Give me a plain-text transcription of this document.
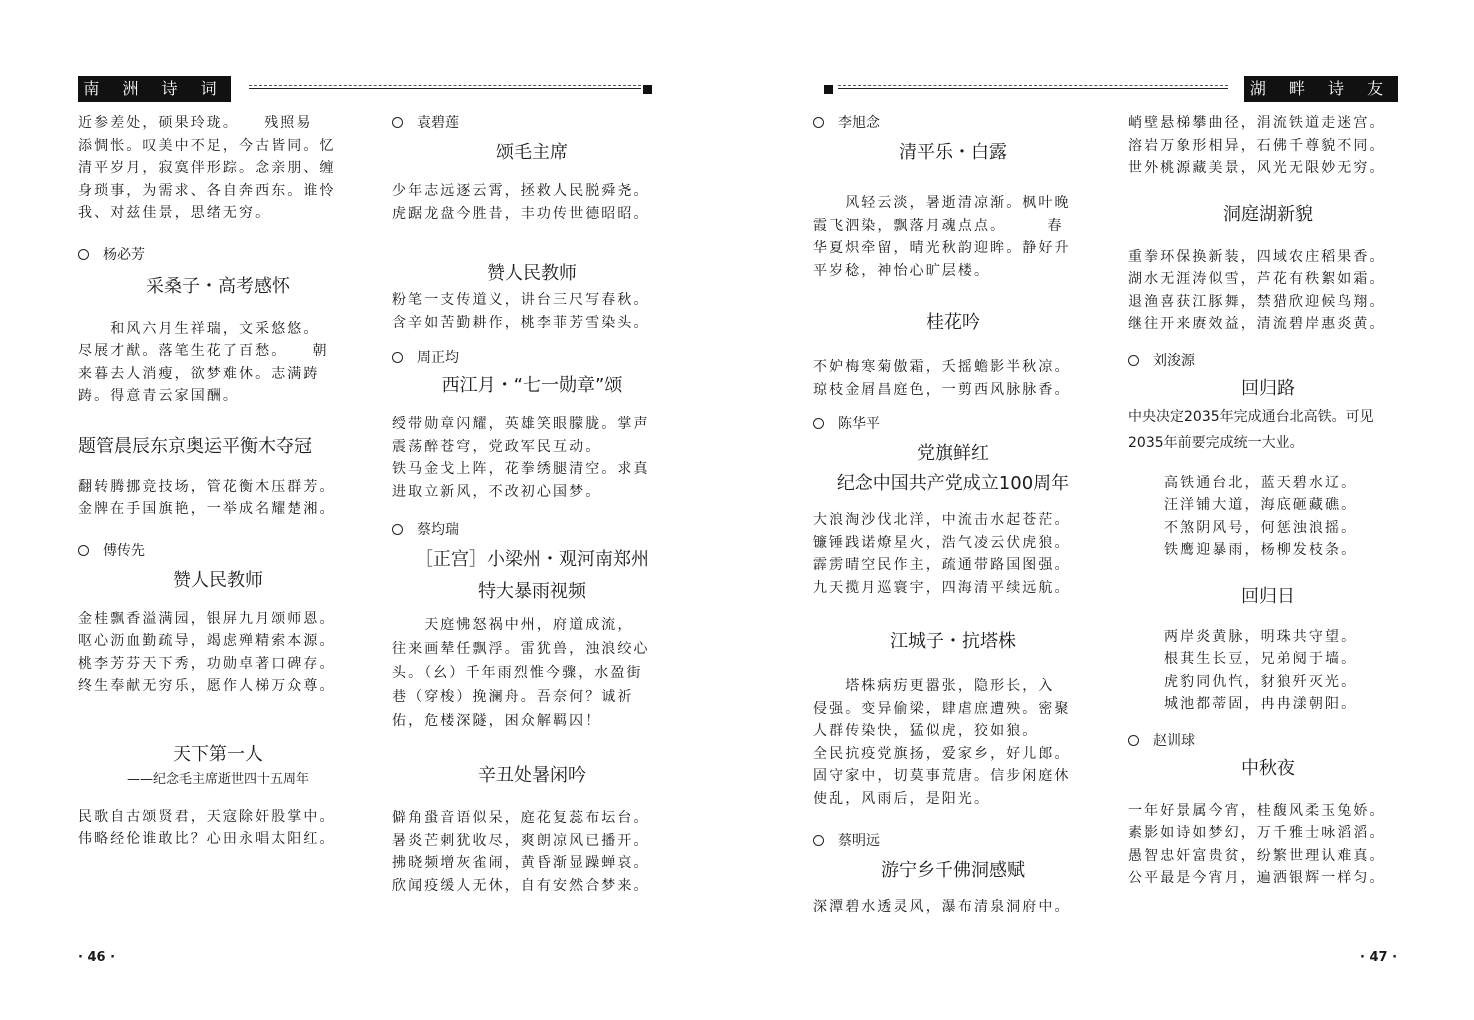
南 洲 诗 词	湖 畔 诗 友

近参差处，硕果玲珑。　　残照易

添惆怅。叹美中不足，今古皆同。忆

清平岁月，寂寞伴形踪。念亲朋、缠

身琐事，为需求、各自奔西东。谁怜

我、对兹佳景，思绪无穷。

杨必芳
采桑子・高考感怀

　　和风六月生祥瑞，文采悠悠。

尽展才猷。落笔生花了百愁。　　朝

来暮去人消瘦，欲梦难休。志满踌

踌。得意青云家国酬。

题管晨辰东京奥运平衡木夺冠

翻转腾挪竞技场，管花衡木压群芳。

金牌在手国旗艳，一举成名耀楚湘。

傅传先
赞人民教师

金桂飘香溢满园，银屏九月颂师恩。

呕心沥血勤疏导，竭虑殚精索本源。

桃李芳芬天下秀，功勋卓著口碑存。

终生奉献无穷乐，愿作人梯万众尊。

天下第一人
——纪念毛主席逝世四十五周年

民歌自古颂贤君，天寇除奸股掌中。

伟略经伦谁敢比？心田永唱太阳红。

袁碧莲
颂毛主席

少年志远逐云霄，拯救人民脱舜尧。

虎踞龙盘今胜昔，丰功传世德昭昭。

赞人民教师

粉笔一支传道义，讲台三尺写春秋。

含辛如苦勤耕作，桃李菲芳雪染头。

周正均
西江月・“七一勋章”颂

绶带勋章闪耀，英雄笑眼朦胧。掌声

震荡醉苍穹，党政军民互动。

铁马金戈上阵，花拳绣腿清空。求真

进取立新风，不改初心国梦。

蔡均瑞
［正宫］小梁州・观河南郑州
特大暴雨视频

　　天庭怫怒祸中州，府道成流，

往来画辇任飘浮。雷犹兽，浊浪绞心

头。（幺）千年雨烈惟今骤，水盈街

巷（穿梭）挽澜舟。吾奈何？诚祈

佑，危楼深隧，困众解羁囚！

辛丑处暑闲吟

僻角蛩音语似呆，庭花复蕊布坛台。

暑炎芒刺犹收尽，爽朗凉风已播开。

拂晓频增灰雀闹，黄昏渐显躁蝉哀。

欣闻疫缓人无休，自有安然合梦来。

李旭念
清平乐・白露

　　风轻云淡，暑逝清凉渐。枫叶晚

霞飞泗染，飘落月魂点点。　　　春

华夏炽牵留，晴光秋韵迎眸。静好升

平岁稔，神怡心旷层楼。

桂花吟

不妒梅寒菊傲霜，夭摇蟾影半秋凉。

琼枝金屑昌庭色，一剪西风脉脉香。

陈华平
党旗鲜红
纪念中国共产党成立100周年

大浪淘沙伐北洋，中流击水起苍茫。

镰锤践诺燎星火，浩气凌云伏虎狼。

霹雳晴空民作主，疏通带路国图强。

九天揽月巡寰宇，四海清平续远航。

江城子・抗塔株

　　塔株病疠更嚣张，隐形长，入

侵强。变异偷梁，肆虐庶遭殃。密聚

人群传染快，猛似虎，狡如狼。

全民抗疫党旗扬，爱家乡，好儿郎。

固守家中，切莫事荒唐。信步闲庭休

使乱，风雨后，是阳光。

蔡明远
游宁乡千佛洞感赋

深潭碧水透灵风，瀑布清泉洞府中。

峭壁悬梯攀曲径，涓流铁道走迷宫。

溶岩万象形相异，石佛千尊貌不同。

世外桃源藏美景，风光无限妙无穷。

洞庭湖新貌

重拳环保换新装，四域农庄稻果香。

湖水无涯涛似雪，芦花有秩絮如霜。

退渔喜获江豚舞，禁猎欣迎候鸟翔。

继往开来赓效益，清流碧岸惠炎黄。

刘浚源
回归路

中央决定2035年完成通台北高铁。可见

2035年前要完成统一大业。

高铁通台北，蓝天碧水辽。

汪洋铺大道，海底砸藏礁。

不煞阴风号，何惩浊浪摇。

铁鹰迎暴雨，杨柳发枝条。

回归日

两岸炎黄脉，明珠共守望。

根萁生长豆，兄弟阋于墙。

虎豹同仇忾，豺狼歼灭光。

城池都蒂固，冉冉漾朝阳。

赵训球
中秋夜

一年好景属今宵，桂馥风柔玉兔娇。

素影如诗如梦幻，万千雅士咏滔滔。

愚智忠奸富贵贫，纷繁世理认难真。

公平最是今宵月，遍洒银辉一样匀。

· 46 ·	· 47 ·
